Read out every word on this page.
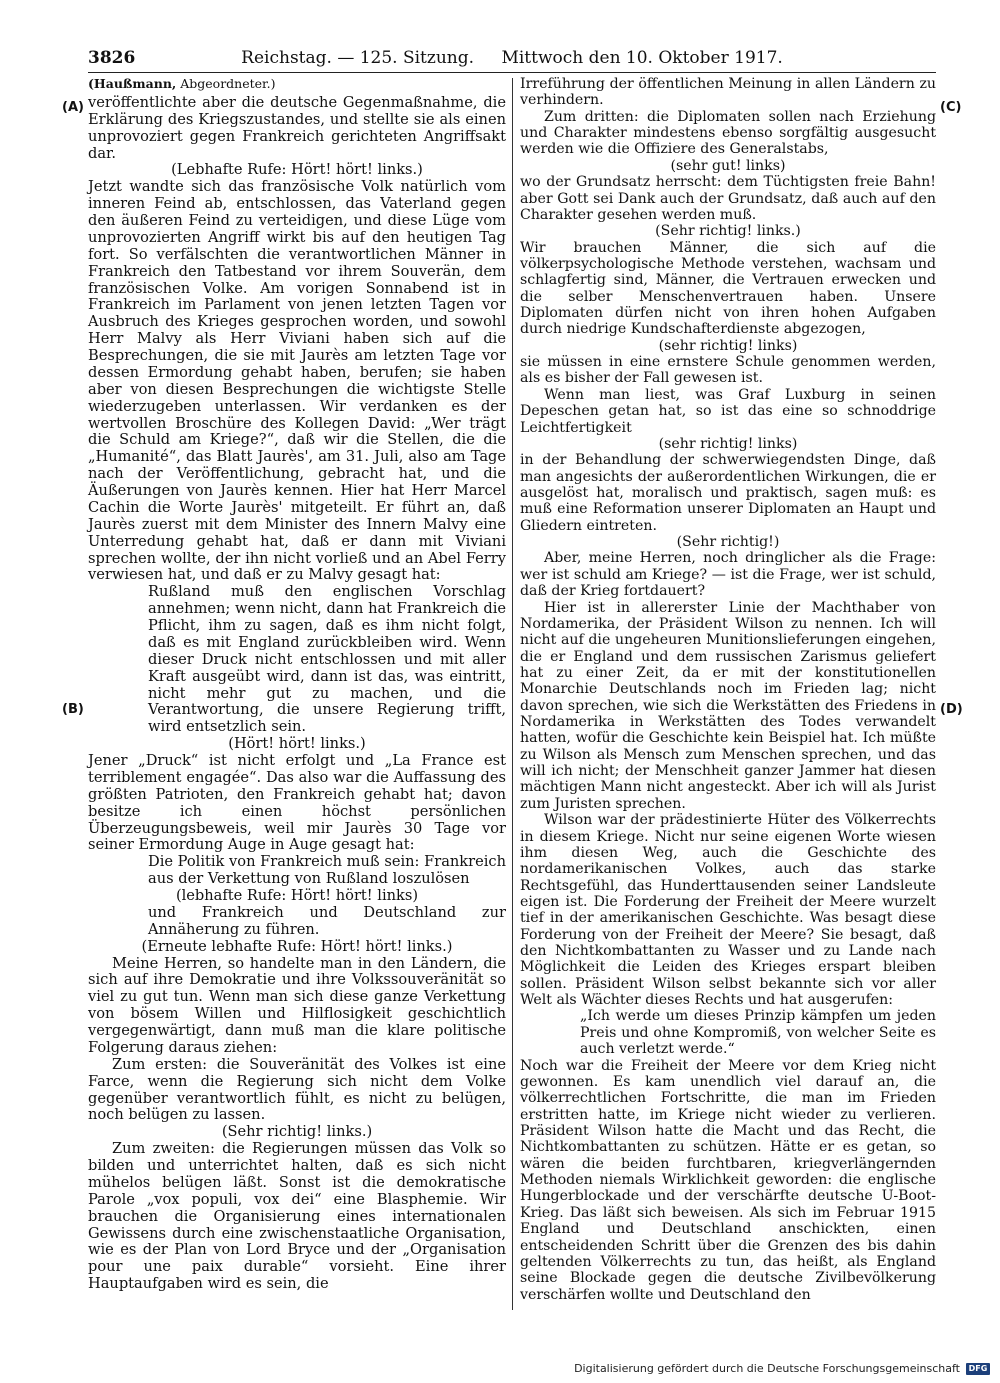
3826	Reichstag. — 125. Sitzung. Mittwoch den 10. Oktober 1917.

(Haußmann, Abgeordneter.)

veröffentlichte aber die deutsche Gegenmaßnahme, die Erklärung des Kriegszustandes, und stellte sie als einen unprovoziert gegen Frankreich gerichteten Angriffsakt dar.

(Lebhafte Rufe: Hört! hört! links.)

Jetzt wandte sich das französische Volk natürlich vom inneren Feind ab, entschlossen, das Vaterland gegen den äußeren Feind zu verteidigen, und diese Lüge vom unprovozierten Angriff wirkt bis auf den heutigen Tag fort. So verfälschten die verantwortlichen Männer in Frankreich den Tatbestand vor ihrem Souverän, dem französischen Volke. Am vorigen Sonnabend ist in Frankreich im Parlament von jenen letzten Tagen vor Ausbruch des Krieges gesprochen worden, und sowohl Herr Malvy als Herr Viviani haben sich auf die Besprechungen, die sie mit Jaurès am letzten Tage vor dessen Ermordung gehabt haben, berufen; sie haben aber von diesen Besprechungen die wichtigste Stelle wiederzugeben unterlassen. Wir verdanken es der wertvollen Broschüre des Kollegen David: „Wer trägt die Schuld am Kriege?“, daß wir die Stellen, die die „Humanité“, das Blatt Jaurès', am 31. Juli, also am Tage nach der Veröffentlichung, gebracht hat, und die Äußerungen von Jaurès kennen. Hier hat Herr Marcel Cachin die Worte Jaurès' mitgeteilt. Er führt an, daß Jaurès zuerst mit dem Minister des Innern Malvy eine Unterredung gehabt hat, daß er dann mit Viviani sprechen wollte, der ihn nicht vorließ und an Abel Ferry verwiesen hat, und daß er zu Malvy gesagt hat:

Rußland muß den englischen Vorschlag annehmen; wenn nicht, dann hat Frankreich die Pflicht, ihm zu sagen, daß es ihm nicht folgt, daß es mit England zurückbleiben wird. Wenn dieser Druck nicht entschlossen und mit aller Kraft ausgeübt wird, dann ist das, was eintritt, nicht mehr gut zu machen, und die Verantwortung, die unsere Regierung trifft, wird entsetzlich sein.

(Hört! hört! links.)

Jener „Druck“ ist nicht erfolgt und „La France est terriblement engagée“. Das also war die Auffassung des größten Patrioten, den Frankreich gehabt hat; davon besitze ich einen höchst persönlichen Überzeugungsbeweis, weil mir Jaurès 30 Tage vor seiner Ermordung Auge in Auge gesagt hat:

Die Politik von Frankreich muß sein: Frankreich aus der Verkettung von Rußland loszulösen

(lebhafte Rufe: Hört! hört! links)

und Frankreich und Deutschland zur Annäherung zu führen.

(Erneute lebhafte Rufe: Hört! hört! links.)

Meine Herren, so handelte man in den Ländern, die sich auf ihre Demokratie und ihre Volkssouveränität so viel zu gut tun. Wenn man sich diese ganze Verkettung von bösem Willen und Hilflosigkeit geschichtlich vergegenwärtigt, dann muß man die klare politische Folgerung daraus ziehen:

Zum ersten: die Souveränität des Volkes ist eine Farce, wenn die Regierung sich nicht dem Volke gegenüber verantwortlich fühlt, es nicht zu belügen, noch belügen zu lassen.

(Sehr richtig! links.)

Zum zweiten: die Regierungen müssen das Volk so bilden und unterrichtet halten, daß es sich nicht mühelos belügen läßt. Sonst ist die demokratische Parole „vox populi, vox dei“ eine Blasphemie. Wir brauchen die Organisierung eines internationalen Gewissens durch eine zwischenstaatliche Organisation, wie es der Plan von Lord Bryce und der „Organisation pour une paix durable“ vorsieht. Eine ihrer Hauptaufgaben wird es sein, die

Irreführung der öffentlichen Meinung in allen Ländern zu verhindern.

Zum dritten: die Diplomaten sollen nach Erziehung und Charakter mindestens ebenso sorgfältig ausgesucht werden wie die Offiziere des Generalstabs,

(sehr gut! links)

wo der Grundsatz herrscht: dem Tüchtigsten freie Bahn! aber Gott sei Dank auch der Grundsatz, daß auch auf den Charakter gesehen werden muß.

(Sehr richtig! links.)

Wir brauchen Männer, die sich auf die völkerpsychologische Methode verstehen, wachsam und schlagfertig sind, Männer, die Vertrauen erwecken und die selber Menschenvertrauen haben. Unsere Diplomaten dürfen nicht von ihren hohen Aufgaben durch niedrige Kundschafterdienste abgezogen,

(sehr richtig! links)

sie müssen in eine ernstere Schule genommen werden, als es bisher der Fall gewesen ist.

Wenn man liest, was Graf Luxburg in seinen Depeschen getan hat, so ist das eine so schnoddrige Leichtfertigkeit

(sehr richtig! links)

in der Behandlung der schwerwiegendsten Dinge, daß man angesichts der außerordentlichen Wirkungen, die er ausgelöst hat, moralisch und praktisch, sagen muß: es muß eine Reformation unserer Diplomaten an Haupt und Gliedern eintreten.

(Sehr richtig!)

Aber, meine Herren, noch dringlicher als die Frage: wer ist schuld am Kriege? — ist die Frage, wer ist schuld, daß der Krieg fortdauert?

Hier ist in allererster Linie der Machthaber von Nordamerika, der Präsident Wilson zu nennen. Ich will nicht auf die ungeheuren Munitionslieferungen eingehen, die er England und dem russischen Zarismus geliefert hat zu einer Zeit, da er mit der konstitutionellen Monarchie Deutschlands noch im Frieden lag; nicht davon sprechen, wie sich die Werkstätten des Friedens in Nordamerika in Werkstätten des Todes verwandelt hatten, wofür die Geschichte kein Beispiel hat. Ich müßte zu Wilson als Mensch zum Menschen sprechen, und das will ich nicht; der Menschheit ganzer Jammer hat diesen mächtigen Mann nicht angesteckt. Aber ich will als Jurist zum Juristen sprechen.

Wilson war der prädestinierte Hüter des Völkerrechts in diesem Kriege. Nicht nur seine eigenen Worte wiesen ihm diesen Weg, auch die Geschichte des nordamerikanischen Volkes, auch das starke Rechtsgefühl, das Hunderttausenden seiner Landsleute eigen ist. Die Forderung der Freiheit der Meere wurzelt tief in der amerikanischen Geschichte. Was besagt diese Forderung von der Freiheit der Meere? Sie besagt, daß den Nichtkombattanten zu Wasser und zu Lande nach Möglichkeit die Leiden des Krieges erspart bleiben sollen. Präsident Wilson selbst bekannte sich vor aller Welt als Wächter dieses Rechts und hat ausgerufen:

„Ich werde um dieses Prinzip kämpfen um jeden Preis und ohne Kompromiß, von welcher Seite es auch verletzt werde.“

Noch war die Freiheit der Meere vor dem Krieg nicht gewonnen. Es kam unendlich viel darauf an, die völkerrechtlichen Fortschritte, die man im Frieden erstritten hatte, im Kriege nicht wieder zu verlieren. Präsident Wilson hatte die Macht und das Recht, die Nichtkombattanten zu schützen. Hätte er es getan, so wären die beiden furchtbaren, kriegverlängernden Methoden niemals Wirklichkeit geworden: die englische Hungerblockade und der verschärfte deutsche U-Boot-Krieg. Das läßt sich beweisen. Als sich im Februar 1915 England und Deutschland anschickten, einen entscheidenden Schritt über die Grenzen des bis dahin geltenden Völkerrechts zu tun, das heißt, als England seine Blockade gegen die deutsche Zivilbevölkerung verschärfen wollte und Deutschland den

(A)
(B)
(C)
(D)
Digitalisierung gefördert durch die Deutsche Forschungsgemeinschaft	DFG
